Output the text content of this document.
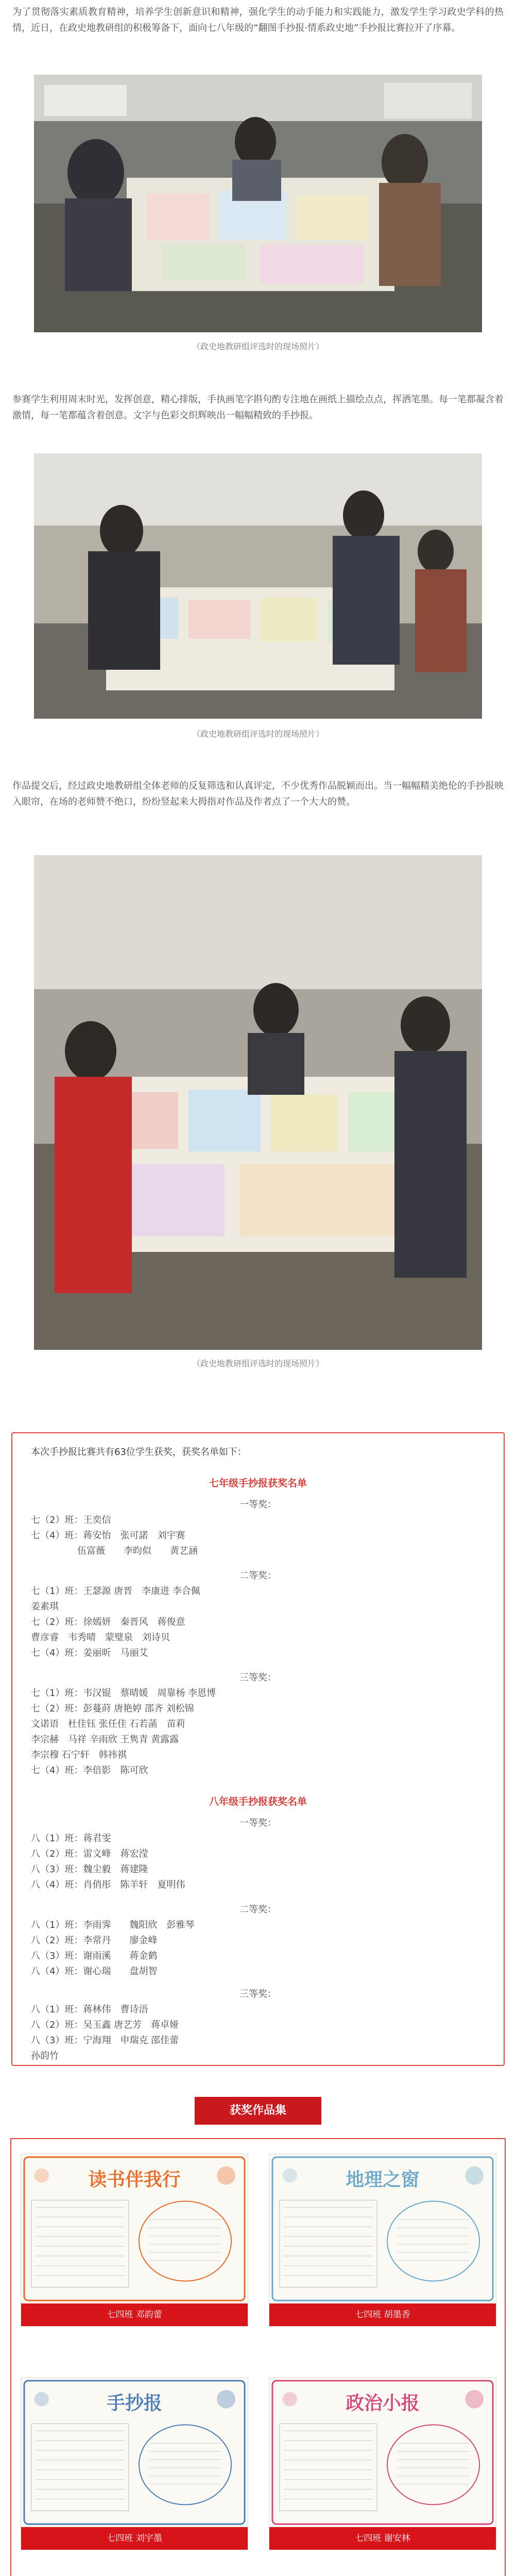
为了贯彻落实素质教育精神，培养学生创新意识和精神，强化学生的动手能力和实践能力，激发学生学习政史学科的热情，近日，在政史地教研组的积极筹备下，面向七八年级的“翻图手抄报·情系政史地”手抄报比赛拉开了序幕。

（政史地教研组评选时的现场照片）

参赛学生利用周末时光，发挥创意，精心排版，手执画笔字斟句酌专注地在画纸上描绘点点，挥洒笔墨。每一笔都凝含着激情，每一笔都蕴含着创意。文字与色彩交织辉映出一幅幅精致的手抄报。

（政史地教研组评选时的现场照片）

作品提交后，经过政史地教研组全体老师的反复筛选和认真评定，不少优秀作品脱颖而出。当一幅幅精美绝伦的手抄报映入眼帘，在场的老师赞不绝口，纷纷竖起来大拇指对作品及作者点了一个大大的赞。

（政史地教研组评选时的现场照片）
本次手抄报比赛共有63位学生获奖，获奖名单如下：
七年级手抄报获奖名单
一等奖：
七（2）班：王奕信
七（4）班：蒋安怡　张可諾　刘宇赛
　　　　　伍富薇　　李昀似　　黄艺涵
二等奖：
七（1）班：王瑟源 唐晋　李康进 李合佩
姜素琪
七（2）班：徐嫣妍　秦晋风　蒋俊意
曹彦睿　韦秀晴　蒙璧泉　刘诗贝
七（4）班：姜丽昕　马丽艾
三等奖：
七（1）班：韦汉锟　蔡晴媛　周靠杨 李恩博
七（2）班：彭蔓莳 唐艳婷 邵齐 刘松锦
文诺语　杜佳钰 张任佳 石若菡　苗莉
李宗赫　马祥 辛雨欣 王隽青 黄露露
李宗穆 石宁轩　韩祎祺
七（4）班：李倍影　陈可欣
八年级手抄报获奖名单
一等奖：
八（1）班：蒋君雯
八（2）班：雷文峰　蒋宏滢
八（3）班：魏尘毅　蒋建隆　
八（4）班：肖俏彤　陈羊轩　夏明伟
二等奖：
八（1）班：李雨霁　　魏阳欣　彭雅琴
八（2）班：李常丹　　廖金峰
八（3）班：谢雨溪　　蒋金鹤
八（4）班：谢心瑞　　盘胡智
三等奖：
八（1）班：蒋林伟　曹诗浯
八（2）班：吴玉鑫 唐艺芳　蒋卓娅
八（3）班：宁海翔　申瑞克 邵佳蕾
孙韵竹
获奖作品集
读书伴我行
七四班 邓韵蕾
地理之窗
七四班 胡墨香
手抄报
七四班 刘宇墨
政治小报
七四班 谢安林
